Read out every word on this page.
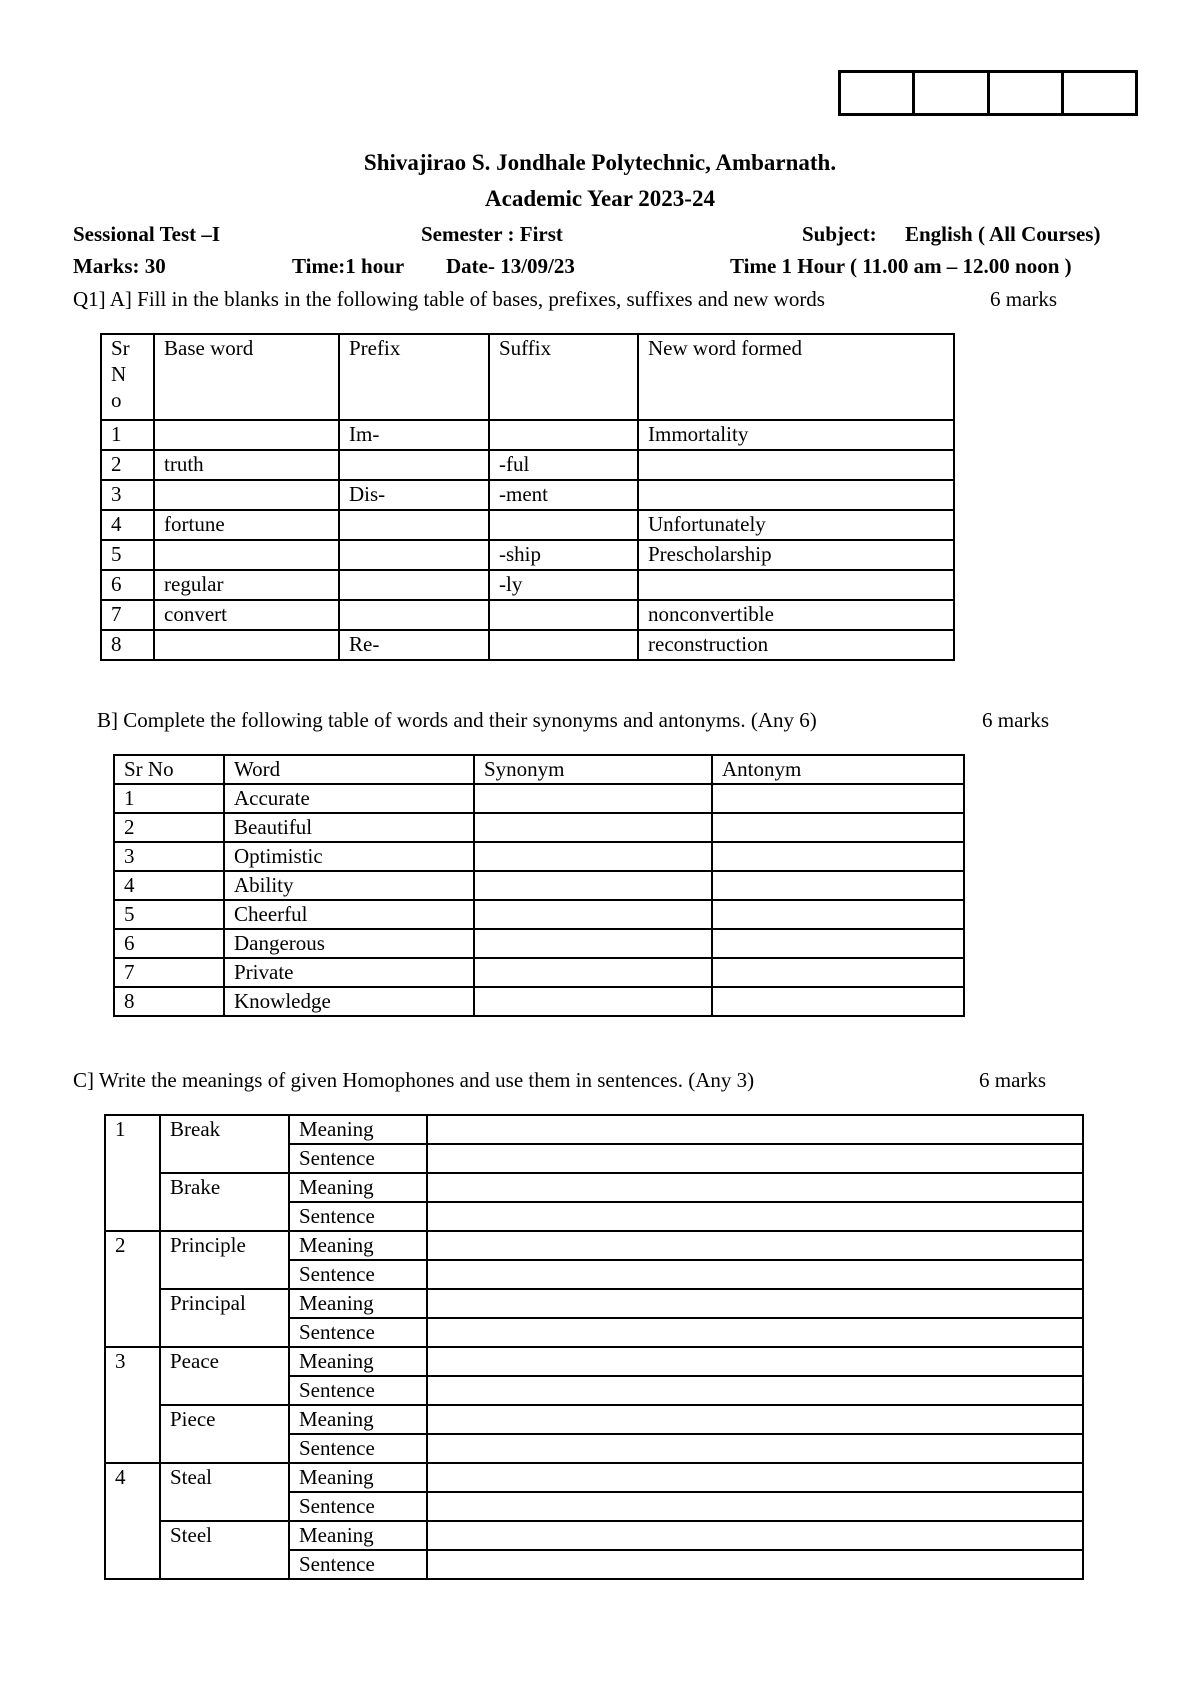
Shivajirao S. Jondhale Polytechnic, Ambarnath.
Academic Year 2023-24
Sessional Test –I	Semester : First	Subject: English ( All Courses)
Marks: 30	Time:1 hour Date- 13/09/23	Time 1 Hour ( 11.00 am – 12.00 noon )
Q1] A] Fill in the blanks in the following table of bases, prefixes, suffixes and new words	6 marks
Sr
N
o	Base word	Prefix	Suffix	New word formed
1		Im-		Immortality
2	truth		-ful	
3		Dis-	-ment	
4	fortune			Unfortunately
5			-ship	Prescholarship
6	regular		-ly	
7	convert			nonconvertible
8		Re-		reconstruction
B] Complete the following table of words and their synonyms and antonyms. (Any 6)	6 marks
Sr No	Word	Synonym	Antonym
1	Accurate		
2	Beautiful		
3	Optimistic		
4	Ability		
5	Cheerful		
6	Dangerous		
7	Private		
8	Knowledge		
C] Write the meanings of given Homophones and use them in sentences. (Any 3)	6 marks
1	Break	Meaning	
		Sentence	
	Brake	Meaning	
		Sentence	
2	Principle	Meaning	
		Sentence	
	Principal	Meaning	
		Sentence	
3	Peace	Meaning	
		Sentence	
	Piece	Meaning	
		Sentence	
4	Steal	Meaning	
		Sentence	
	Steel	Meaning	
		Sentence	
